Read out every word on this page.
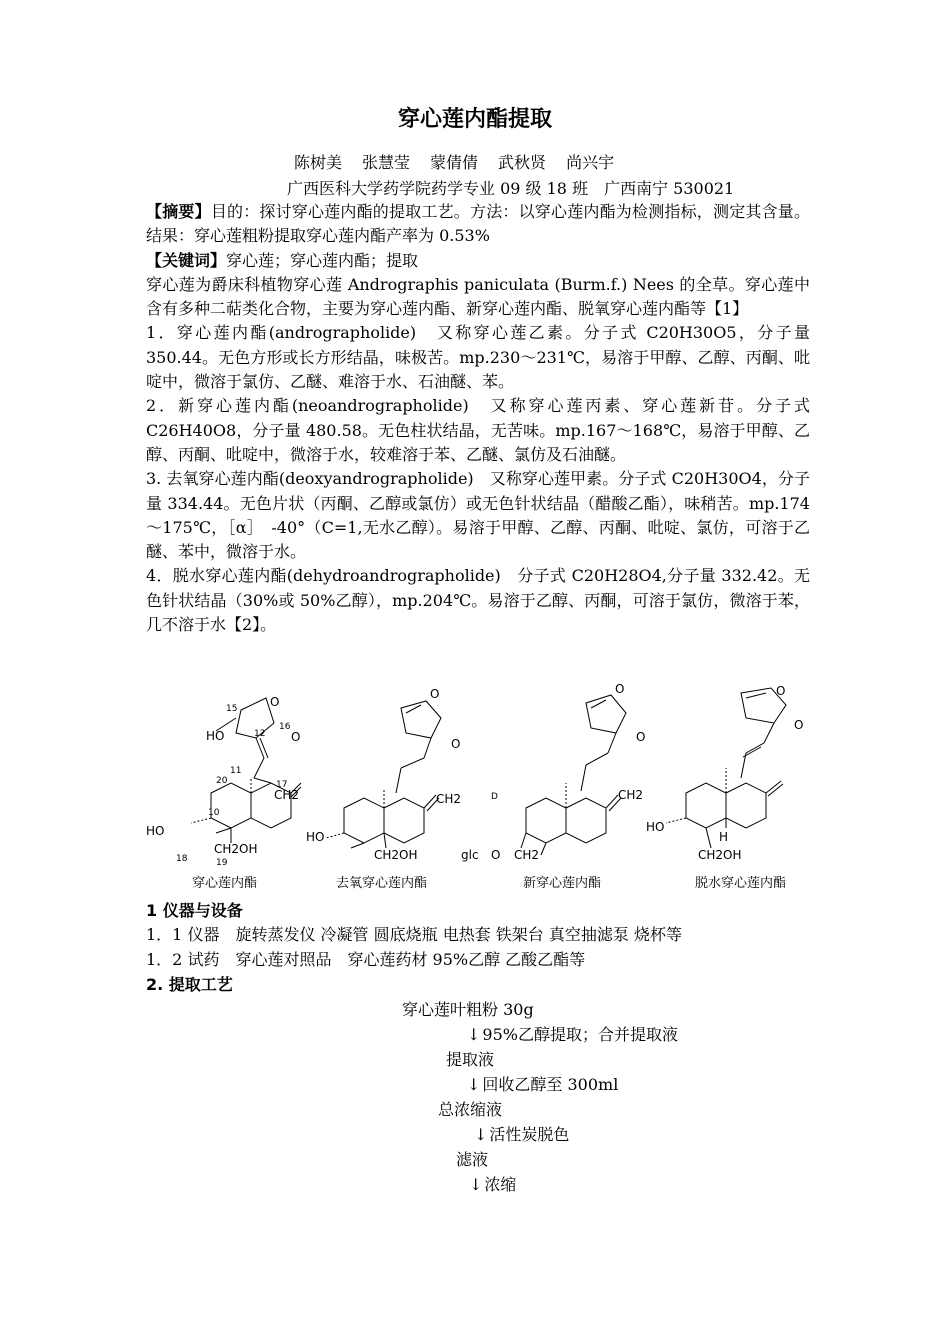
穿心莲内酯提取
陈树美 张慧莹 蒙倩倩 武秋贤 尚兴宇
广西医科大学药学院药学专业 09 级 18 班　广西南宁 530021

【摘要】目的：探讨穿心莲内酯的提取工艺。方法：以穿心莲内酯为检测指标，测定其含量。结果：穿心莲粗粉提取穿心莲内酯产率为 0.53%

【关键词】穿心莲；穿心莲内酯；提取

穿心莲为爵床科植物穿心莲 Andrographis paniculata (Burm.f.) Nees 的全草。穿心莲中含有多种二萜类化合物，主要为穿心莲内酯、新穿心莲内酯、脱氧穿心莲内酯等【1】

1．穿心莲内酯(andrographolide)　又称穿心莲乙素。分子式 C20H30O5，分子量 350.44。无色方形或长方形结晶，味极苦。mp.230～231℃，易溶于甲醇、乙醇、丙酮、吡啶中，微溶于氯仿、乙醚、难溶于水、石油醚、苯。

2．新穿心莲内酯(neoandrographolide)　又称穿心莲丙素、穿心莲新苷。分子式 C26H40O8，分子量 480.58。无色柱状结晶，无苦味。mp.167～168℃，易溶于甲醇、乙醇、丙酮、吡啶中，微溶于水，较难溶于苯、乙醚、氯仿及石油醚。

3. 去氧穿心莲内酯(deoxyandrographolide)　又称穿心莲甲素。分子式 C20H30O4，分子量 334.44。无色片状（丙酮、乙醇或氯仿）或无色针状结晶（醋酸乙酯），味稍苦。mp.174～175℃，［α］　-40°（C=1,无水乙醇）。易溶于甲醇、乙醇、丙酮、吡啶、氯仿，可溶于乙醚、苯中，微溶于水。

4．脱水穿心莲内酯(dehydroandrographolide)　分子式 C20H28O4,分子量 332.42。无色针状结晶（30%或 50%乙醇），mp.204℃。易溶于乙醇、丙酮，可溶于氯仿，微溶于苯，几不溶于水【2】。

O
O
HO
CH2
HO
CH2OH
O
O
CH2
HO
CH2OH
O
O
CH2
glc O CH2
O
O
HO
H
CH2OH
15
16
12
11
20	17
10
18	19
D
穿心莲内酯	去氧穿心莲内酯	新穿心莲内酯	脱水穿心莲内酯
1 仪器与设备
1．1 仪器　旋转蒸发仪 冷凝管 圆底烧瓶 电热套 铁架台 真空抽滤泵 烧杯等
1．2 试药　穿心莲对照品　穿心莲药材 95%乙醇 乙酸乙酯等
2. 提取工艺
穿心莲叶粗粉 30g
↓ 95%乙醇提取；合并提取液
提取液
↓ 回收乙醇至 300ml
总浓缩液
↓ 活性炭脱色
滤液
↓ 浓缩
